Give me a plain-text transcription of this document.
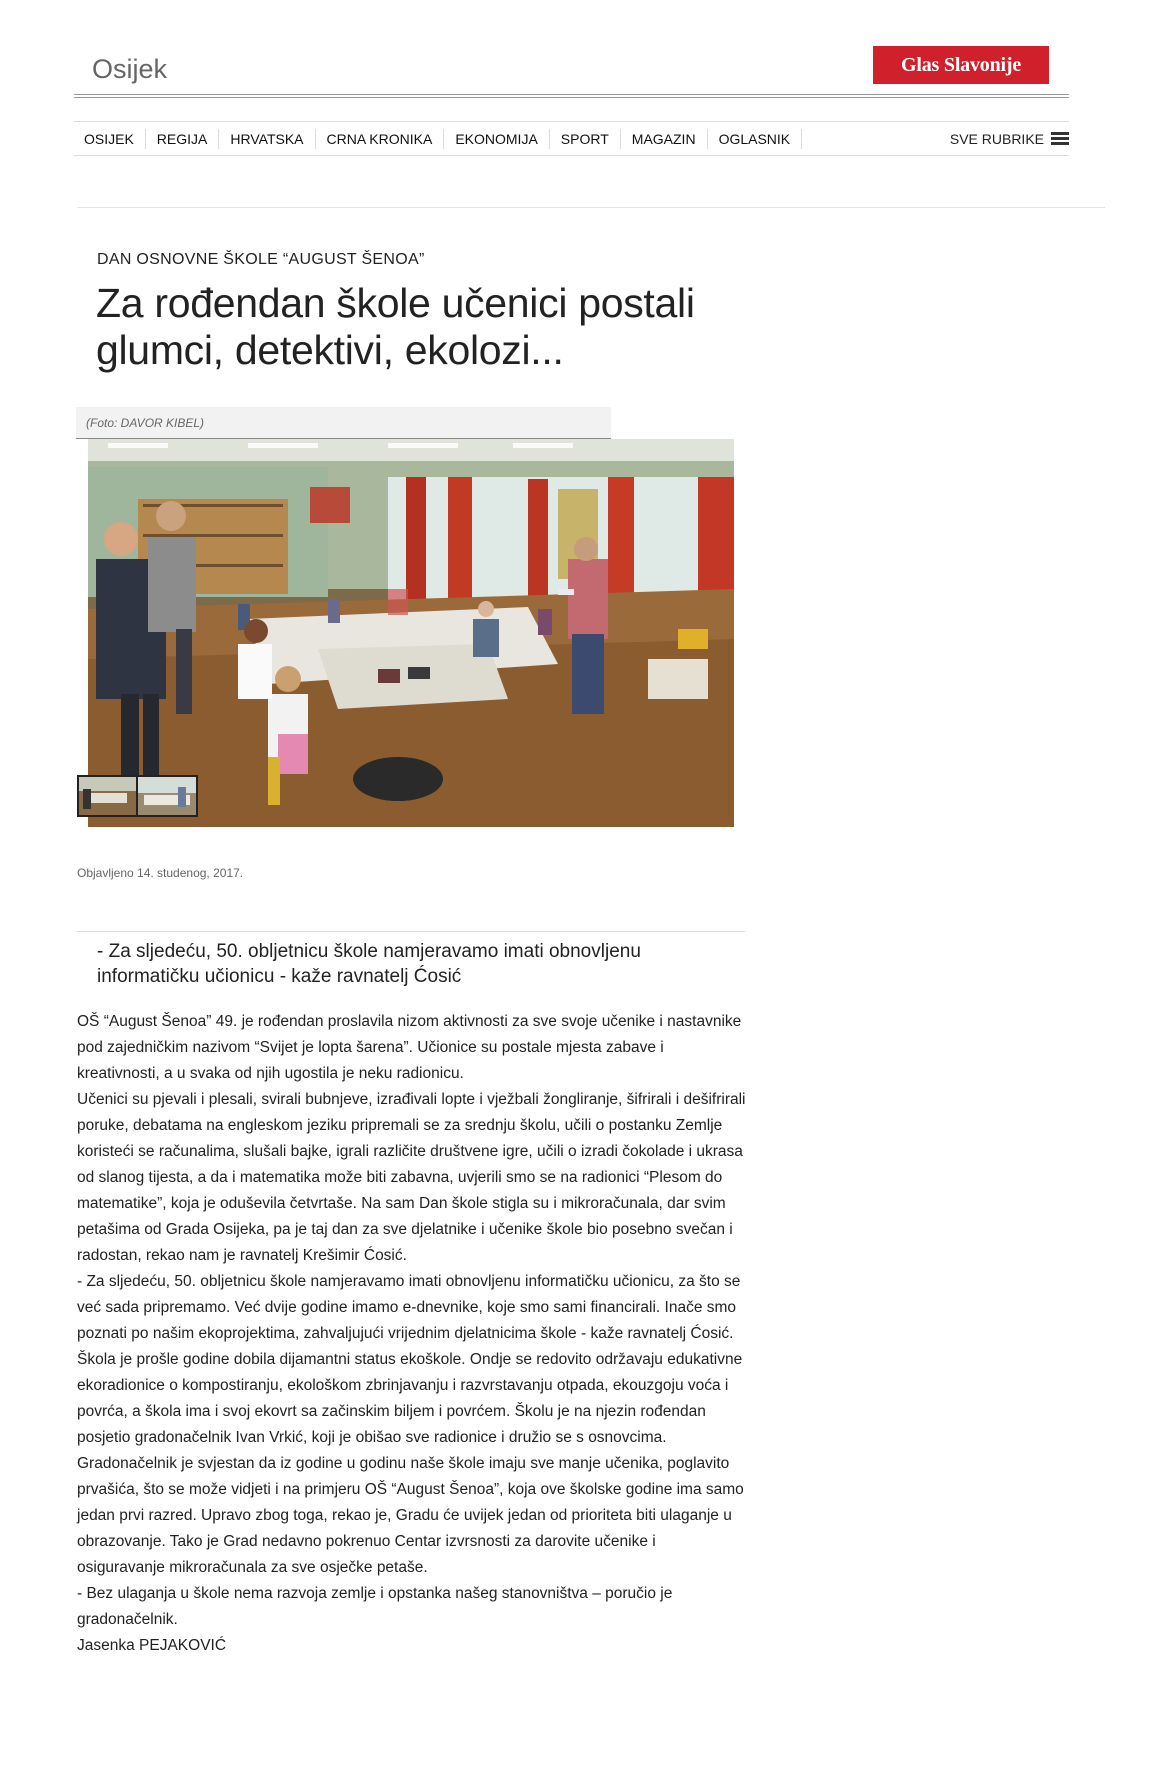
Osijek	Glas Slavonije
OSIJEK	REGIJA	HRVATSKA	CRNA KRONIKA	EKONOMIJA	SPORT	MAGAZIN	OGLASNIK	SVE RUBRIKE
DAN OSNOVNE ŠKOLE “AUGUST ŠENOA”
Za rođendan škole učenici postali glumci, detektivi, ekolozi...
(Foto: DAVOR KIBEL)
Objavljeno 14. studenog, 2017.
- Za sljedeću, 50. obljetnicu škole namjeravamo imati obnovljenu informatičku učionicu - kaže ravnatelj Ćosić

OŠ “August Šenoa” 49. je rođendan proslavila nizom aktivnosti za sve svoje učenike i nastavnike pod zajedničkim nazivom “Svijet je lopta šarena”. Učionice su postale mjesta zabave i kreativnosti, a u svaka od njih ugostila je neku radionicu.

Učenici su pjevali i plesali, svirali bubnjeve, izrađivali lopte i vježbali žongliranje, šifrirali i dešifrirali poruke, debatama na engleskom jeziku pripremali se za srednju školu, učili o postanku Zemlje koristeći se računalima, slušali bajke, igrali različite društvene igre, učili o izradi čokolade i ukrasa od slanog tijesta, a da i matematika može biti zabavna, uvjerili smo se na radionici “Plesom do matematike”, koja je oduševila četvrtaše. Na sam Dan škole stigla su i mikroračunala, dar svim petašima od Grada Osijeka, pa je taj dan za sve djelatnike i učenike škole bio posebno svečan i radostan, rekao nam je ravnatelj Krešimir Ćosić.

- Za sljedeću, 50. obljetnicu škole namjeravamo imati obnovljenu informatičku učionicu, za što se već sada pripremamo. Već dvije godine imamo e-dnevnike, koje smo sami financirali. Inače smo poznati po našim ekoprojektima, zahvaljujući vrijednim djelatnicima škole - kaže ravnatelj Ćosić. Škola je prošle godine dobila dijamantni status ekoškole. Ondje se redovito održavaju edukativne ekoradionice o kompostiranju, ekološkom zbrinjavanju i razvrstavanju otpada, ekouzgoju voća i povrća, a škola ima i svoj ekovrt sa začinskim biljem i povrćem. Školu je na njezin rođendan posjetio gradonačelnik Ivan Vrkić, koji je obišao sve radionice i družio se s osnovcima. Gradonačelnik je svjestan da iz godine u godinu naše škole imaju sve manje učenika, poglavito prvašića, što se može vidjeti i na primjeru OŠ “August Šenoa”, koja ove školske godine ima samo jedan prvi razred. Upravo zbog toga, rekao je, Gradu će uvijek jedan od prioriteta biti ulaganje u obrazovanje. Tako je Grad nedavno pokrenuo Centar izvrsnosti za darovite učenike i osiguravanje mikroračunala za sve osječke petaše.

- Bez ulaganja u škole nema razvoja zemlje i opstanka našeg stanovništva – poručio je gradonačelnik.

Jasenka PEJAKOVIĆ
